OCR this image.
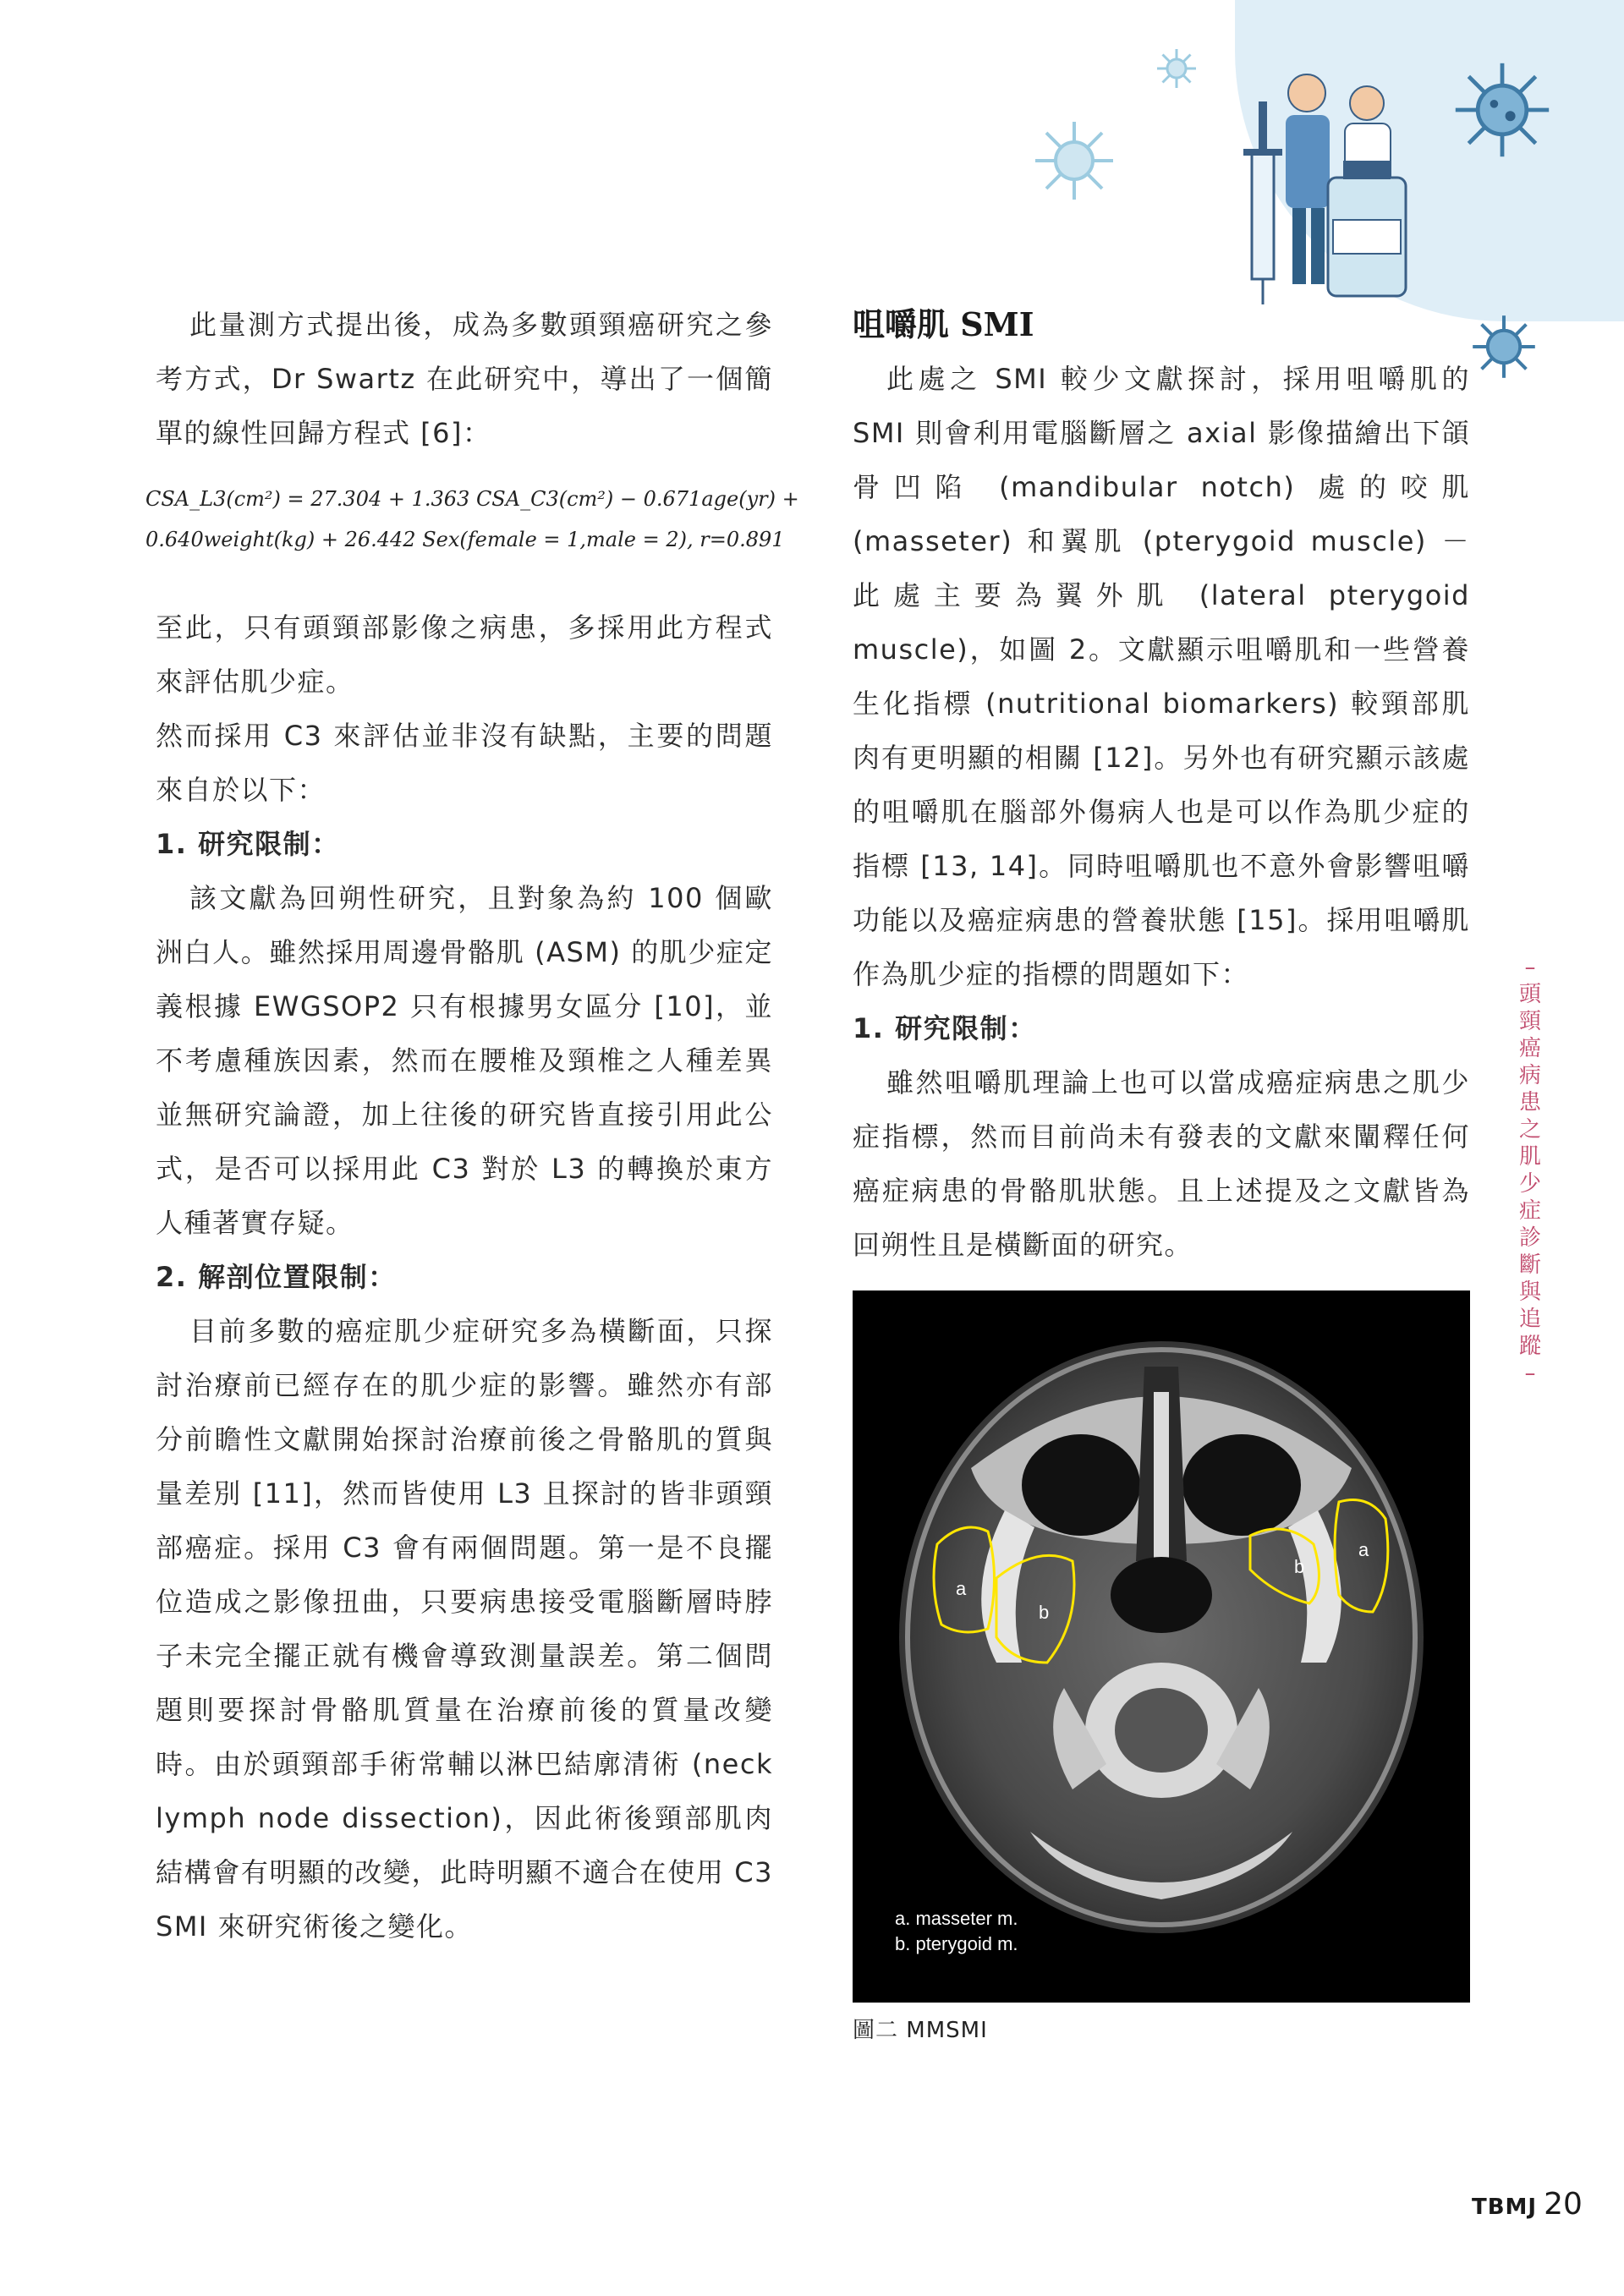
此量測方式提出後，成為多數頭頸癌研究之參考方式，Dr Swartz 在此研究中，導出了一個簡單的線性回歸方程式 [6]：

CSA_L3(cm²) = 27.304 + 1.363 CSA_C3(cm²) − 0.671age(yr) +
0.640weight(kg) + 26.442 Sex(female = 1,male = 2), r=0.891

至此，只有頭頸部影像之病患，多採用此方程式來評估肌少症。

然而採用 C3 來評估並非沒有缺點，主要的問題來自於以下：

1. 研究限制：

該文獻為回朔性研究，且對象為約 100 個歐洲白人。雖然採用周邊骨骼肌 (ASM) 的肌少症定義根據 EWGSOP2 只有根據男女區分 [10]，並不考慮種族因素，然而在腰椎及頸椎之人種差異並無研究論證，加上往後的研究皆直接引用此公式，是否可以採用此 C3 對於 L3 的轉換於東方人種著實存疑。

2. 解剖位置限制：

目前多數的癌症肌少症研究多為橫斷面，只探討治療前已經存在的肌少症的影響。雖然亦有部分前瞻性文獻開始探討治療前後之骨骼肌的質與量差別 [11]，然而皆使用 L3 且探討的皆非頭頸部癌症。採用 C3 會有兩個問題。第一是不良擺位造成之影像扭曲，只要病患接受電腦斷層時脖子未完全擺正就有機會導致測量誤差。第二個問題則要探討骨骼肌質量在治療前後的質量改變時。由於頭頸部手術常輔以淋巴結廓清術 (neck lymph node dissection)，因此術後頸部肌肉結構會有明顯的改變，此時明顯不適合在使用 C3 SMI 來研究術後之變化。

咀嚼肌 SMI

此處之 SMI 較少文獻探討，採用咀嚼肌的 SMI 則會利用電腦斷層之 axial 影像描繪出下頜骨凹陷 (mandibular notch) 處的咬肌 (masseter) 和翼肌 (pterygoid muscle) － 此處主要為翼外肌 (lateral pterygoid muscle)，如圖 2。文獻顯示咀嚼肌和一些營養生化指標 (nutritional biomarkers) 較頸部肌肉有更明顯的相關 [12]。另外也有研究顯示該處的咀嚼肌在腦部外傷病人也是可以作為肌少症的指標 [13, 14]。同時咀嚼肌也不意外會影響咀嚼功能以及癌症病患的營養狀態 [15]。採用咀嚼肌作為肌少症的指標的問題如下：

1. 研究限制：

雖然咀嚼肌理論上也可以當成癌症病患之肌少症指標，然而目前尚未有發表的文獻來闡釋任何癌症病患的骨骼肌狀態。且上述提及之文獻皆為回朔性且是橫斷面的研究。

a
b
a
b
a. masseter m.
b. pterygoid m.
圖二 MMSMI
–
頭頸癌病患之肌少症診斷與追蹤
–
TBMJ 20
